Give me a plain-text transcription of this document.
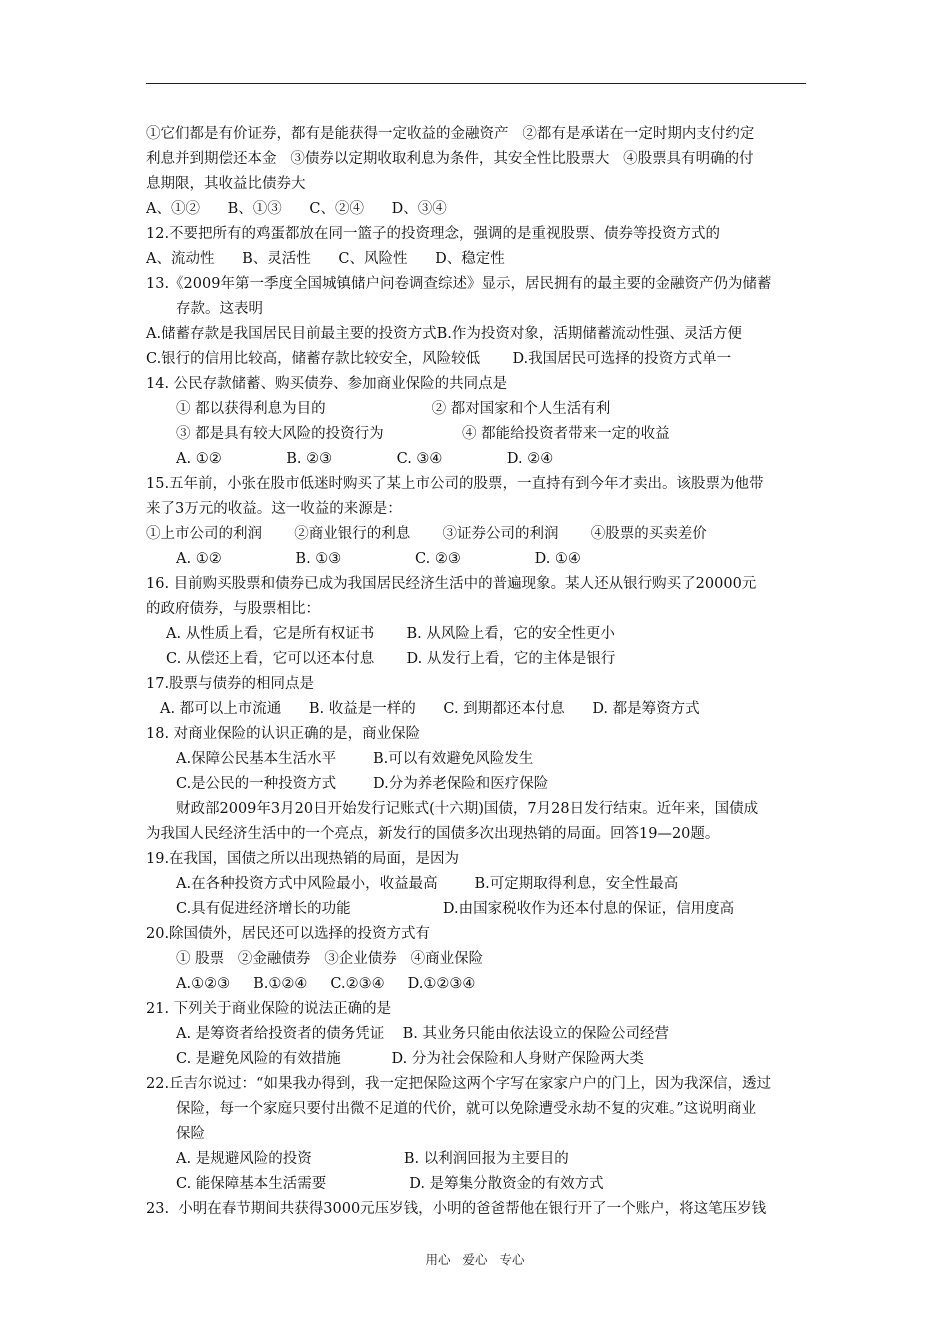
①它们都是有价证券，都有是能获得一定收益的金融资产   ②都有是承诺在一定时期内支付约定
利息并到期偿还本金   ③债券以定期收取利息为条件，其安全性比股票大   ④股票具有明确的付
息期限，其收益比债券大
A、①②      B、①③      C、②④      D、③④
12.不要把所有的鸡蛋都放在同一篮子的投资理念，强调的是重视股票、债券等投资方式的
A、流动性      B、灵活性      C、风险性      D、稳定性
13.《2009年第一季度全国城镇储户问卷调查综述》显示，居民拥有的最主要的金融资产仍为储蓄
存款。这表明
A.储蓄存款是我国居民目前最主要的投资方式B.作为投资对象，活期储蓄流动性强、灵活方便
C.银行的信用比较高，储蓄存款比较安全，风险较低       D.我国居民可选择的投资方式单一
14. 公民存款储蓄、购买债券、参加商业保险的共同点是
① 都以获得利息为目的                       ② 都对国家和个人生活有利
③ 都是具有较大风险的投资行为                 ④ 都能给投资者带来一定的收益
A. ①②              B. ②③              C. ③④              D. ②④
15.五年前，小张在股市低迷时购买了某上市公司的股票，一直持有到今年才卖出。该股票为他带
来了3万元的收益。这一收益的来源是：
①上市公司的利润       ②商业银行的利息       ③证券公司的利润       ④股票的买卖差价
A. ①②                B. ①③                C. ②③                D. ①④
16. 目前购买股票和债券已成为我国居民经济生活中的普遍现象。某人还从银行购买了20000元
的政府债券，与股票相比：
A. 从性质上看，它是所有权证书       B. 从风险上看，它的安全性更小
C. 从偿还上看，它可以还本付息       D. 从发行上看，它的主体是银行
17.股票与债券的相同点是
A. 都可以上市流通      B. 收益是一样的      C. 到期都还本付息      D. 都是筹资方式
18. 对商业保险的认识正确的是，商业保险
A.保障公民基本生活水平        B.可以有效避免风险发生
C.是公民的一种投资方式        D.分为养老保险和医疗保险
财政部2009年3月20日开始发行记账式(十六期)国债，7月28日发行结束。近年来，国债成
为我国人民经济生活中的一个亮点，新发行的国债多次出现热销的局面。回答19—20题。
19.在我国，国债之所以出现热销的局面，是因为
A.在各种投资方式中风险最小，收益最高        B.可定期取得利息，安全性最高
C.具有促进经济增长的功能                    D.由国家税收作为还本付息的保证，信用度高
20.除国债外，居民还可以选择的投资方式有
① 股票   ②金融债券   ③企业债券   ④商业保险
A.①②③     B.①②④     C.②③④     D.①②③④
21. 下列关于商业保险的说法正确的是
A. 是筹资者给投资者的债务凭证    B. 其业务只能由依法设立的保险公司经营
C. 是避免风险的有效措施           D. 分为社会保险和人身财产保险两大类
22.丘吉尔说过：“如果我办得到，我一定把保险这两个字写在家家户户的门上，因为我深信，透过
保险，每一个家庭只要付出微不足道的代价，就可以免除遭受永劫不复的灾难。”这说明商业
保险
A. 是规避风险的投资                    B. 以利润回报为主要目的
C. 能保障基本生活需要                  D. 是筹集分散资金的有效方式
23.  小明在春节期间共获得3000元压岁钱，小明的爸爸帮他在银行开了一个账户，将这笔压岁钱
用心 爱心 专心
